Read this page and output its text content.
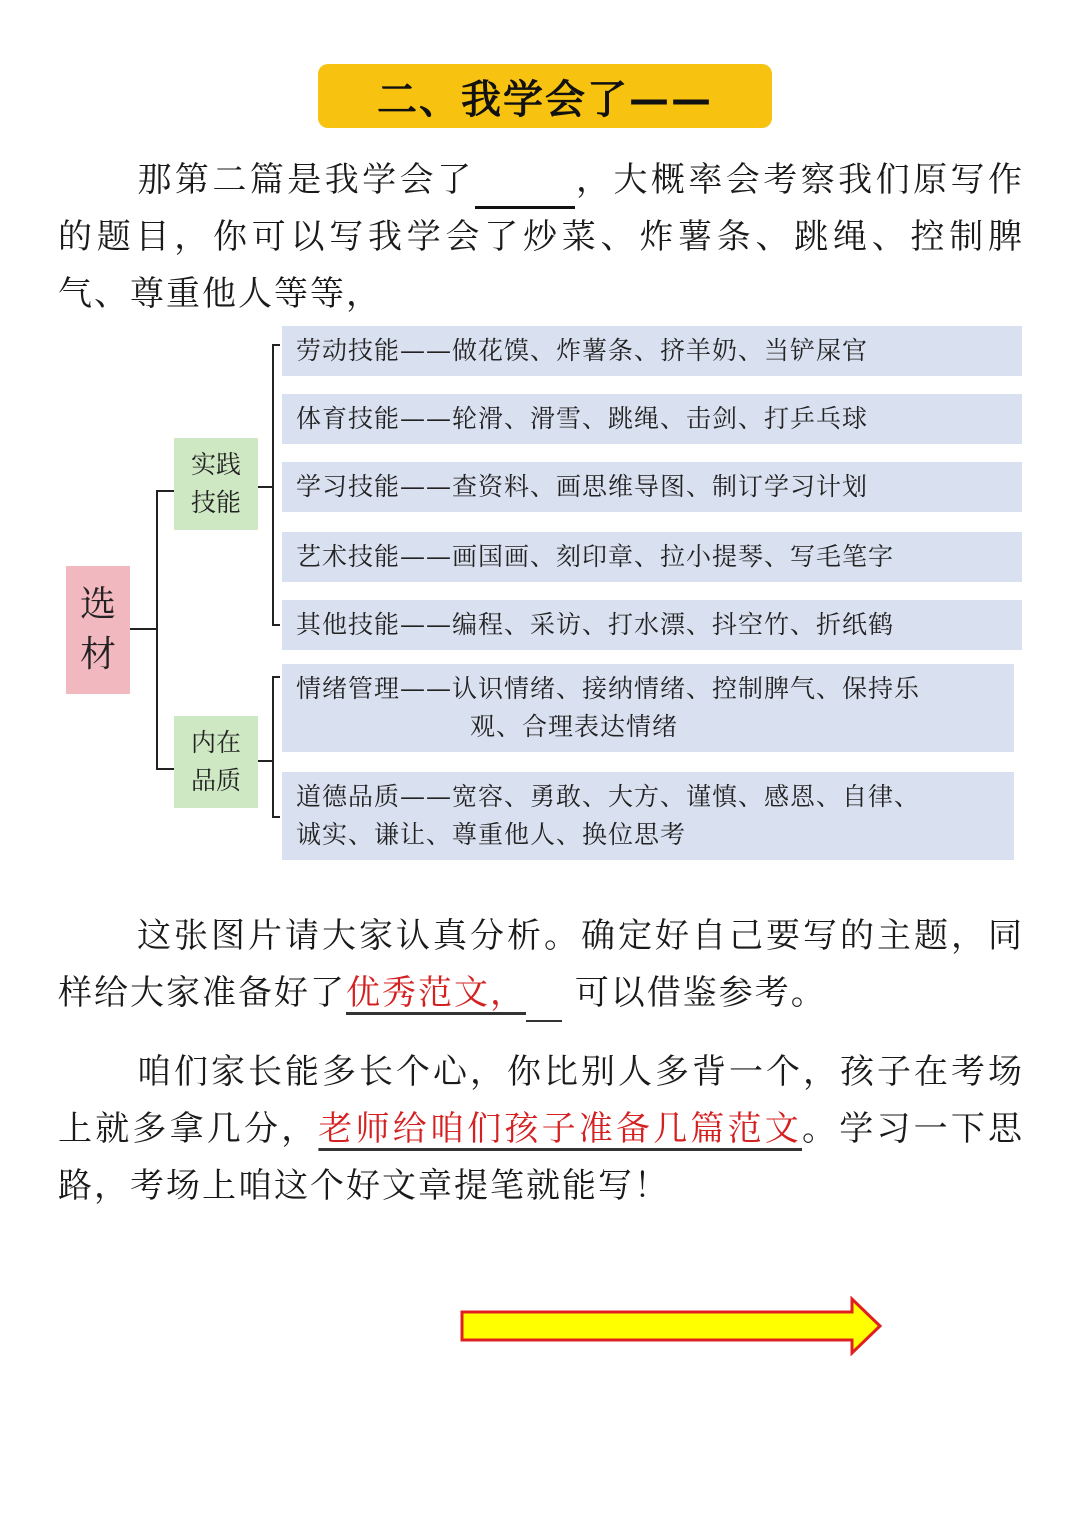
二、我学会了——

那第二篇是我学会了	，大概率会考察我们原写作的题目，你可以写我学会了炒菜、炸薯条、跳绳、控制脾气、尊重他人等等，

选
材
实践
技能
内在
品质
劳动技能——做花馍、炸薯条、挤羊奶、当铲屎官
体育技能——轮滑、滑雪、跳绳、击剑、打乒乓球
学习技能——查资料、画思维导图、制订学习计划
艺术技能——画国画、刻印章、拉小提琴、写毛笔字
其他技能——编程、采访、打水漂、抖空竹、折纸鹤
情绪管理——认识情绪、接纳情绪、控制脾气、保持乐
观、合理表达情绪
道德品质——宽容、勇敢、大方、谨慎、感恩、自律、
诚实、谦让、尊重他人、换位思考

这张图片请大家认真分析。确定好自己要写的主题，同样给大家准备好了优秀范文， 可以借鉴参考。

咱们家长能多长个心，你比别人多背一个，孩子在考场上就多拿几分，老师给咱们孩子准备几篇范文。学习一下思路，考场上咱这个好文章提笔就能写！
